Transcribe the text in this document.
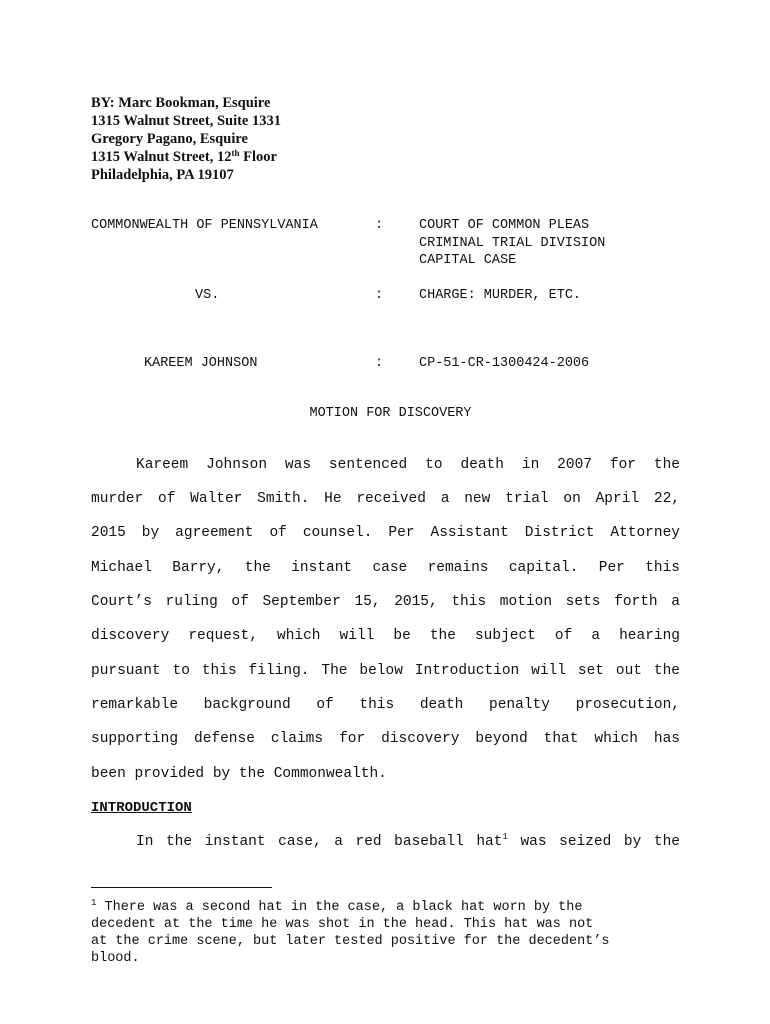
BY: Marc Bookman, Esquire
1315 Walnut Street, Suite 1331
Gregory Pagano, Esquire
1315 Walnut Street, 12th Floor
Philadelphia, PA 19107
COMMONWEALTH OF PENNSYLVANIA	:	COURT OF COMMON PLEAS
CRIMINAL TRIAL DIVISION
CAPITAL CASE
VS.	:	CHARGE: MURDER, ETC.
KAREEM JOHNSON	:	CP-51-CR-1300424-2006
MOTION FOR DISCOVERY
Kareem Johnson was sentenced to death in 2007 for the
murder of Walter Smith. He received a new trial on April 22,
2015 by agreement of counsel. Per Assistant District Attorney
Michael Barry, the instant case remains capital. Per this
Court’s ruling of September 15, 2015, this motion sets forth a
discovery request, which will be the subject of a hearing
pursuant to this filing. The below Introduction will set out the
remarkable background of this death penalty prosecution,
supporting defense claims for discovery beyond that which has
been provided by the Commonwealth.
INTRODUCTION
In the instant case, a red baseball hat$^1$ was seized by the
$^1$ There was a second hat in the case, a black hat worn by the
decedent at the time he was shot in the head. This hat was not
at the crime scene, but later tested positive for the decedent’s
blood.
